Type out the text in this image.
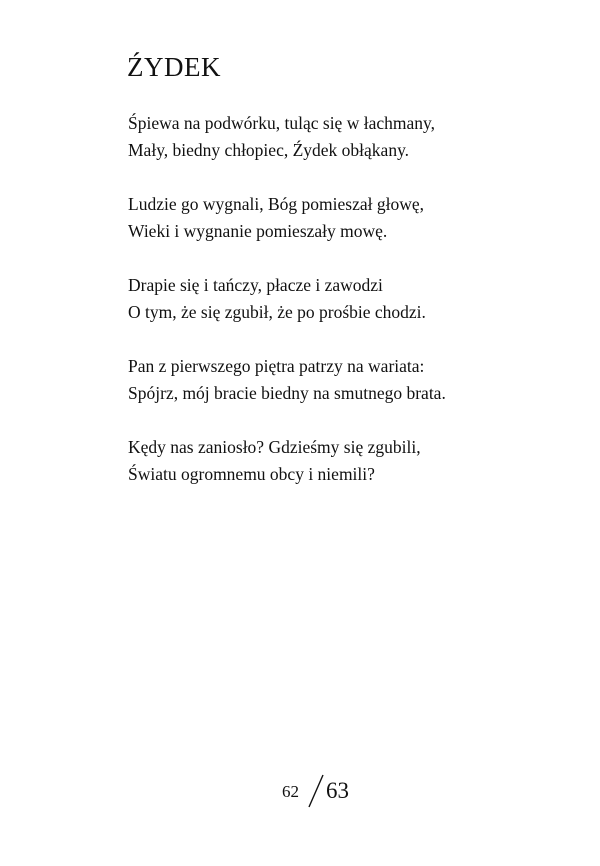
ŹYDEK
Śpiewa na podwórku, tuląc się w łachmany,
Mały, biedny chłopiec, Źydek obłąkany.
Ludzie go wygnali, Bóg pomieszał głowę,
Wieki i wygnanie pomieszały mowę.
Drapie się i tańczy, płacze i zawodzi
O tym, że się zgubił, że po prośbie chodzi.
Pan z pierwszego piętra patrzy na wariata:
Spójrz, mój bracie biedny na smutnego brata.
Kędy nas zaniosło? Gdzieśmy się zgubili,
Światu ogromnemu obcy i niemili?
62 63
